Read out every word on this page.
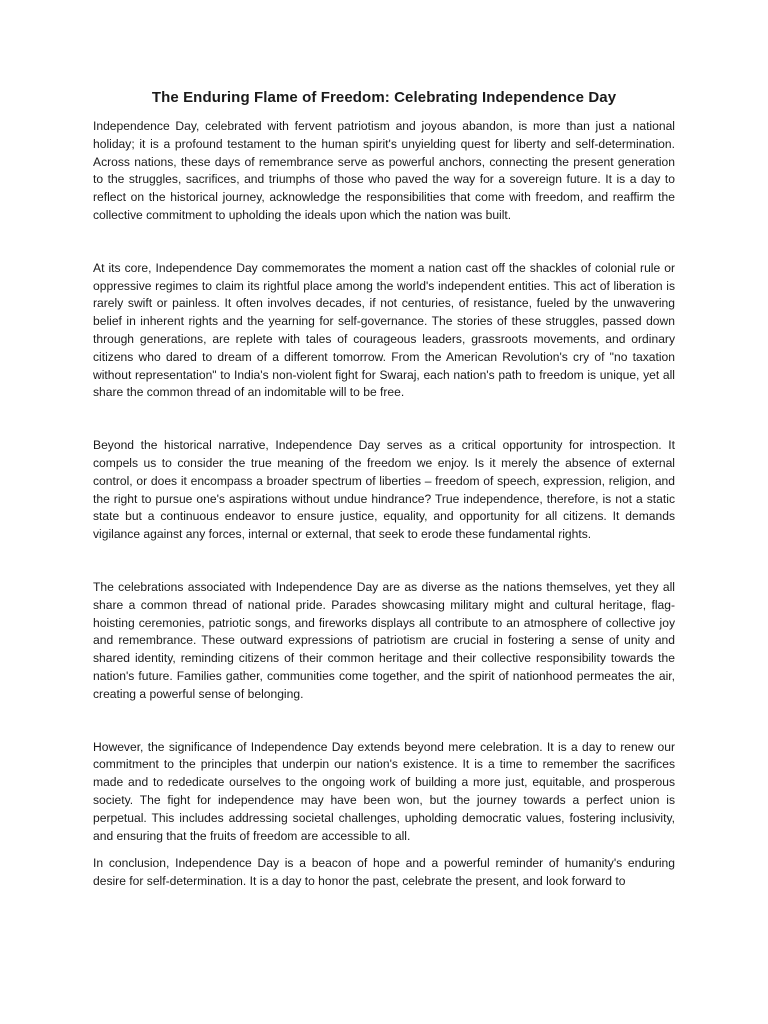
The Enduring Flame of Freedom: Celebrating Independence Day

Independence Day, celebrated with fervent patriotism and joyous abandon, is more than just a national holiday; it is a profound testament to the human spirit's unyielding quest for liberty and self-determination. Across nations, these days of remembrance serve as powerful anchors, connecting the present generation to the struggles, sacrifices, and triumphs of those who paved the way for a sovereign future. It is a day to reflect on the historical journey, acknowledge the responsibilities that come with freedom, and reaffirm the collective commitment to upholding the ideals upon which the nation was built.

At its core, Independence Day commemorates the moment a nation cast off the shackles of colonial rule or oppressive regimes to claim its rightful place among the world's independent entities. This act of liberation is rarely swift or painless. It often involves decades, if not centuries, of resistance, fueled by the unwavering belief in inherent rights and the yearning for self-governance. The stories of these struggles, passed down through generations, are replete with tales of courageous leaders, grassroots movements, and ordinary citizens who dared to dream of a different tomorrow. From the American Revolution's cry of "no taxation without representation" to India's non-violent fight for Swaraj, each nation's path to freedom is unique, yet all share the common thread of an indomitable will to be free.

Beyond the historical narrative, Independence Day serves as a critical opportunity for introspection. It compels us to consider the true meaning of the freedom we enjoy. Is it merely the absence of external control, or does it encompass a broader spectrum of liberties – freedom of speech, expression, religion, and the right to pursue one's aspirations without undue hindrance? True independence, therefore, is not a static state but a continuous endeavor to ensure justice, equality, and opportunity for all citizens. It demands vigilance against any forces, internal or external, that seek to erode these fundamental rights.

The celebrations associated with Independence Day are as diverse as the nations themselves, yet they all share a common thread of national pride. Parades showcasing military might and cultural heritage, flag-hoisting ceremonies, patriotic songs, and fireworks displays all contribute to an atmosphere of collective joy and remembrance. These outward expressions of patriotism are crucial in fostering a sense of unity and shared identity, reminding citizens of their common heritage and their collective responsibility towards the nation's future. Families gather, communities come together, and the spirit of nationhood permeates the air, creating a powerful sense of belonging.

However, the significance of Independence Day extends beyond mere celebration. It is a day to renew our commitment to the principles that underpin our nation's existence. It is a time to remember the sacrifices made and to rededicate ourselves to the ongoing work of building a more just, equitable, and prosperous society. The fight for independence may have been won, but the journey towards a perfect union is perpetual. This includes addressing societal challenges, upholding democratic values, fostering inclusivity, and ensuring that the fruits of freedom are accessible to all.

In conclusion, Independence Day is a beacon of hope and a powerful reminder of humanity's enduring desire for self-determination. It is a day to honor the past, celebrate the present, and look forward to
